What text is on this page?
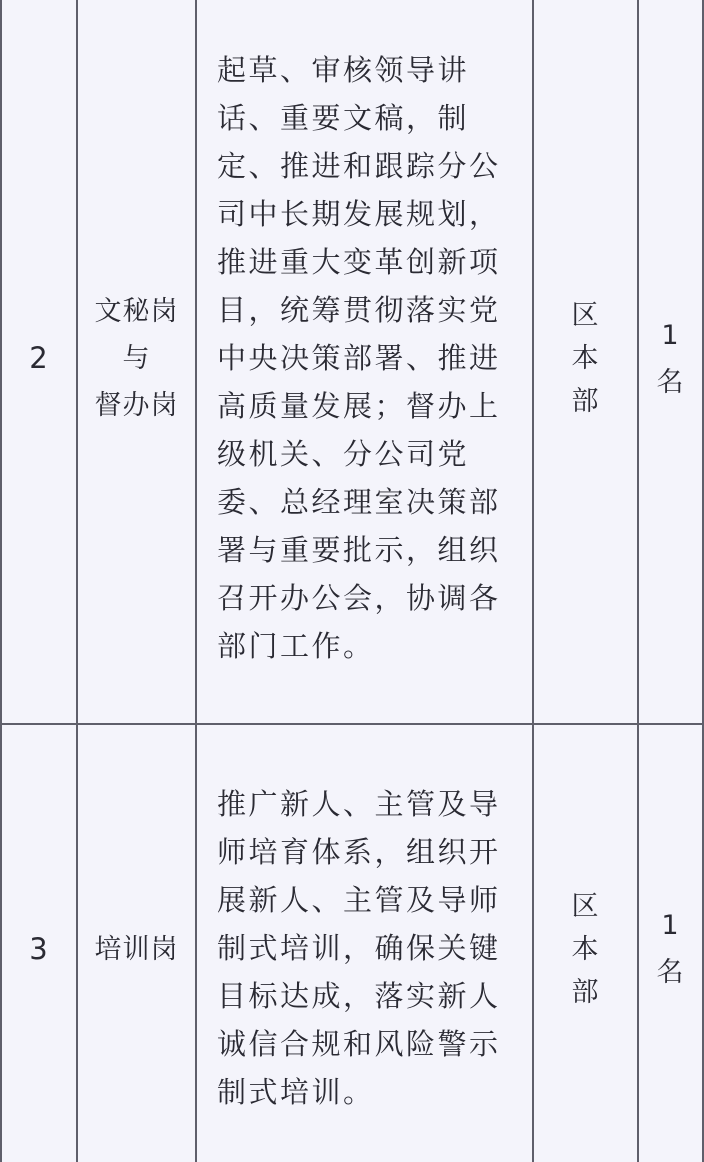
2	文秘岗
与
督办岗	起草、审核领导讲话、重要文稿，制定、推进和跟踪分公司中长期发展规划，推进重大变革创新项目，统筹贯彻落实党中央决策部署、推进高质量发展；督办上级机关、分公司党委、总经理室决策部署与重要批示，组织召开办公会，协调各部门工作。	区
本
部	1
名

3	培训岗	推广新人、主管及导师培育体系，组织开展新人、主管及导师制式培训，确保关键目标达成，落实新人诚信合规和风险警示制式培训。	区
本
部	1
名
